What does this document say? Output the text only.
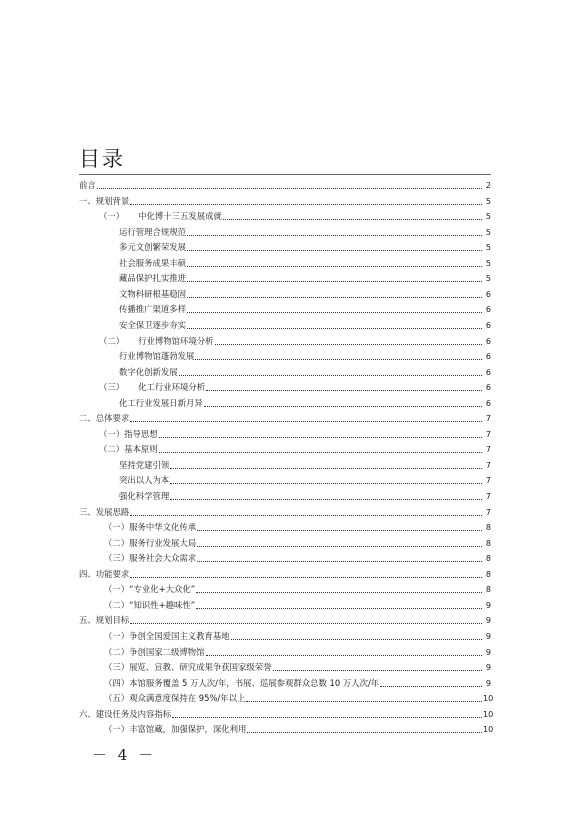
目录
前言	2
一、规划背景	5
（一） 中化博十三五发展成就	5
运行管理合规规范	5
多元文创繁荣发展	5
社会服务成果丰硕	5
藏品保护扎实推进	5
文物科研根基稳固	6
传播推广渠道多样	6
安全保卫逐步夯实	6
（二） 行业博物馆环境分析	6
行业博物馆蓬勃发展	6
数字化创新发展	6
（三） 化工行业环境分析	6
化工行业发展日新月异	6
二、总体要求	7
（一）指导思想	7
（二）基本原则	7
坚持党建引领	7
突出以人为本	7
强化科学管理	7
三、发展思路	7
（一）服务中华文化传承	8
（二）服务行业发展大局	8
（三）服务社会大众需求	8
四、功能要求	8
（一）“专业化+大众化”	8
（二）“知识性+趣味性”	9
五、规划目标	9
（一）争创全国爱国主义教育基地	9
（二）争创国家二级博物馆	9
（三）展览、宣教、研究成果争获国家级荣誉	9
（四）本馆服务覆盖 5 万人次/年，书展、巡展参观群众总数 10 万人次/年	9
（五）观众满意度保持在 95%/年以上	10
六、建设任务及内容指标	10
（一）丰富馆藏，加强保护，深化利用	10
－ 4 －
